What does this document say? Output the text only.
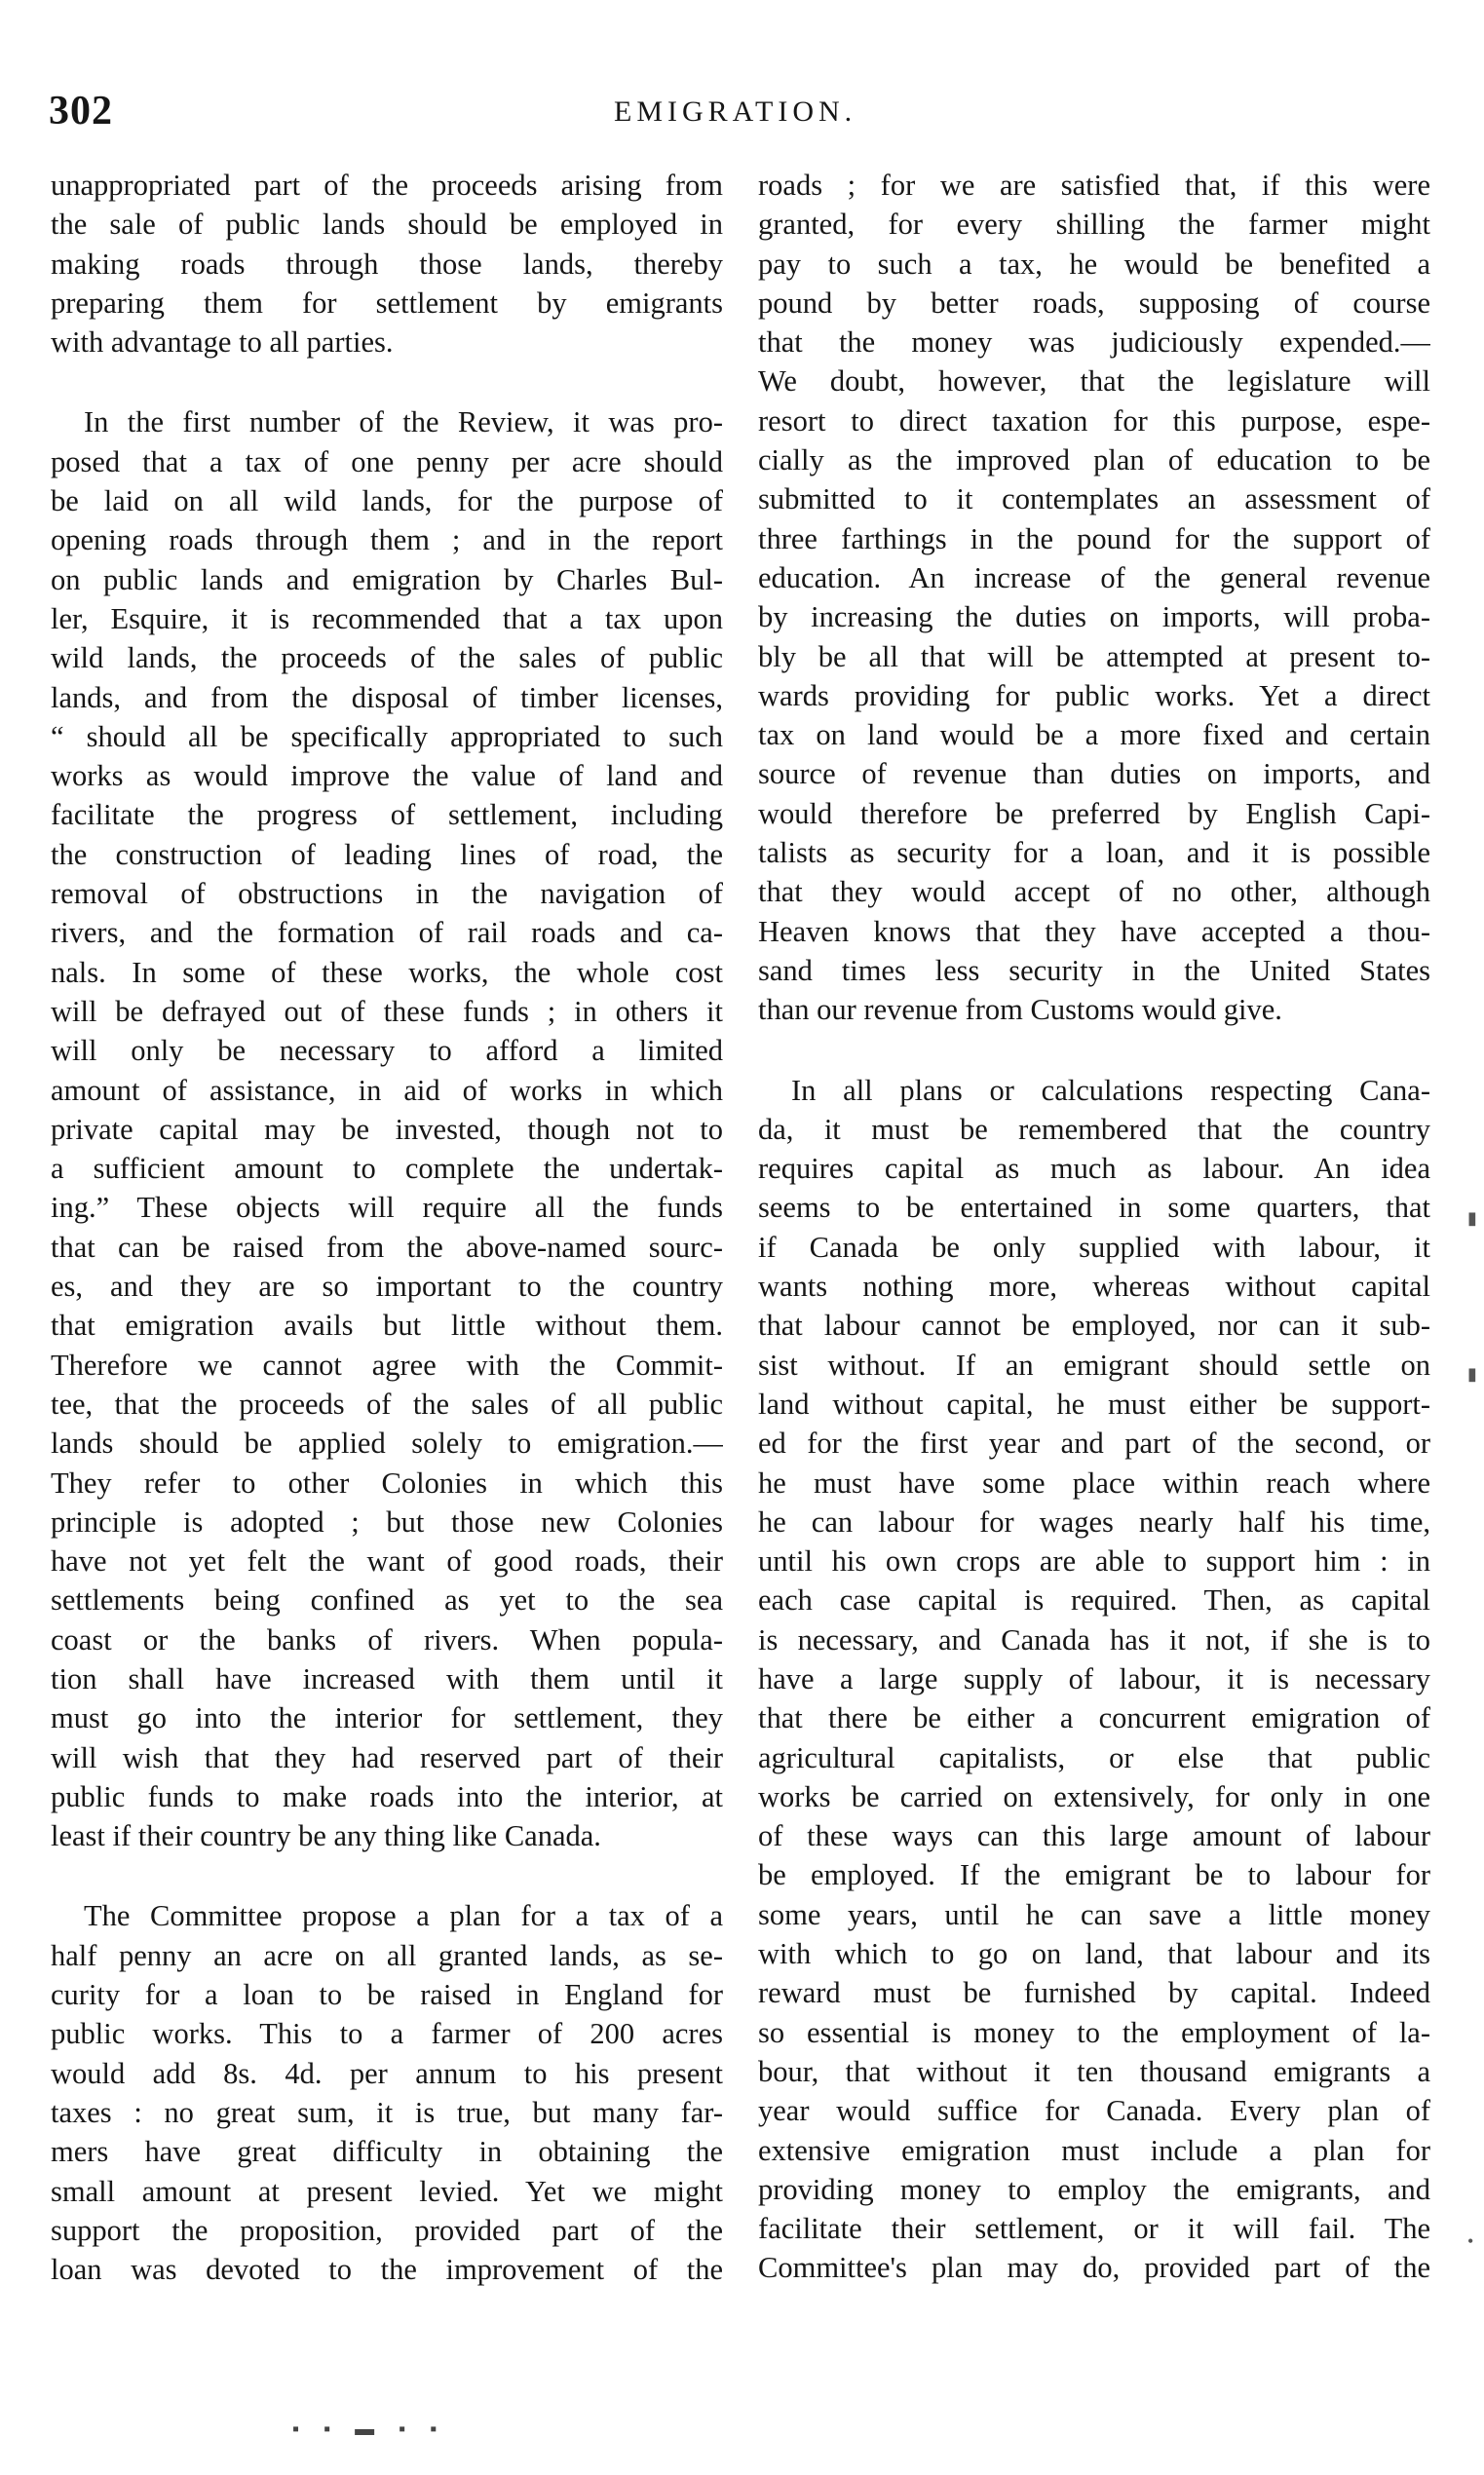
302	EMIGRATION.
unappropriated part of the proceeds arising from
the sale of public lands should be employed in
making roads through those lands, thereby
preparing them for settlement by emigrants
with advantage to all parties.
In the first number of the Review, it was pro-
posed that a tax of one penny per acre should
be laid on all wild lands, for the purpose of
opening roads through them ; and in the report
on public lands and emigration by Charles Bul-
ler, Esquire, it is recommended that a tax upon
wild lands, the proceeds of the sales of public
lands, and from the disposal of timber licenses,
“ should all be specifically appropriated to such
works as would improve the value of land and
facilitate the progress of settlement, including
the construction of leading lines of road, the
removal of obstructions in the navigation of
rivers, and the formation of rail roads and ca-
nals. In some of these works, the whole cost
will be defrayed out of these funds ; in others it
will only be necessary to afford a limited
amount of assistance, in aid of works in which
private capital may be invested, though not to
a sufficient amount to complete the undertak-
ing.” These objects will require all the funds
that can be raised from the above-named sourc-
es, and they are so important to the country
that emigration avails but little without them.
Therefore we cannot agree with the Commit-
tee, that the proceeds of the sales of all public
lands should be applied solely to emigration.—
They refer to other Colonies in which this
principle is adopted ; but those new Colonies
have not yet felt the want of good roads, their
settlements being confined as yet to the sea
coast or the banks of rivers. When popula-
tion shall have increased with them until it
must go into the interior for settlement, they
will wish that they had reserved part of their
public funds to make roads into the interior, at
least if their country be any thing like Canada.
The Committee propose a plan for a tax of a
half penny an acre on all granted lands, as se-
curity for a loan to be raised in England for
public works. This to a farmer of 200 acres
would add 8s. 4d. per annum to his present
taxes : no great sum, it is true, but many far-
mers have great difficulty in obtaining the
small amount at present levied. Yet we might
support the proposition, provided part of the
loan was devoted to the improvement of the
roads ; for we are satisfied that, if this were
granted, for every shilling the farmer might
pay to such a tax, he would be benefited a
pound by better roads, supposing of course
that the money was judiciously expended.—
We doubt, however, that the legislature will
resort to direct taxation for this purpose, espe-
cially as the improved plan of education to be
submitted to it contemplates an assessment of
three farthings in the pound for the support of
education. An increase of the general revenue
by increasing the duties on imports, will proba-
bly be all that will be attempted at present to-
wards providing for public works. Yet a direct
tax on land would be a more fixed and certain
source of revenue than duties on imports, and
would therefore be preferred by English Capi-
talists as security for a loan, and it is possible
that they would accept of no other, although
Heaven knows that they have accepted a thou-
sand times less security in the United States
than our revenue from Customs would give.
In all plans or calculations respecting Cana-
da, it must be remembered that the country
requires capital as much as labour. An idea
seems to be entertained in some quarters, that
if Canada be only supplied with labour, it
wants nothing more, whereas without capital
that labour cannot be employed, nor can it sub-
sist without. If an emigrant should settle on
land without capital, he must either be support-
ed for the first year and part of the second, or
he must have some place within reach where
he can labour for wages nearly half his time,
until his own crops are able to support him : in
each case capital is required. Then, as capital
is necessary, and Canada has it not, if she is to
have a large supply of labour, it is necessary
that there be either a concurrent emigration of
agricultural capitalists, or else that public
works be carried on extensively, for only in one
of these ways can this large amount of labour
be employed. If the emigrant be to labour for
some years, until he can save a little money
with which to go on land, that labour and its
reward must be furnished by capital. Indeed
so essential is money to the employment of la-
bour, that without it ten thousand emigrants a
year would suffice for Canada. Every plan of
extensive emigration must include a plan for
providing money to employ the emigrants, and
facilitate their settlement, or it will fail. The
Committee's plan may do, provided part of the
▪ ▪ ▬ ▪ ▪
▮
▮
•
